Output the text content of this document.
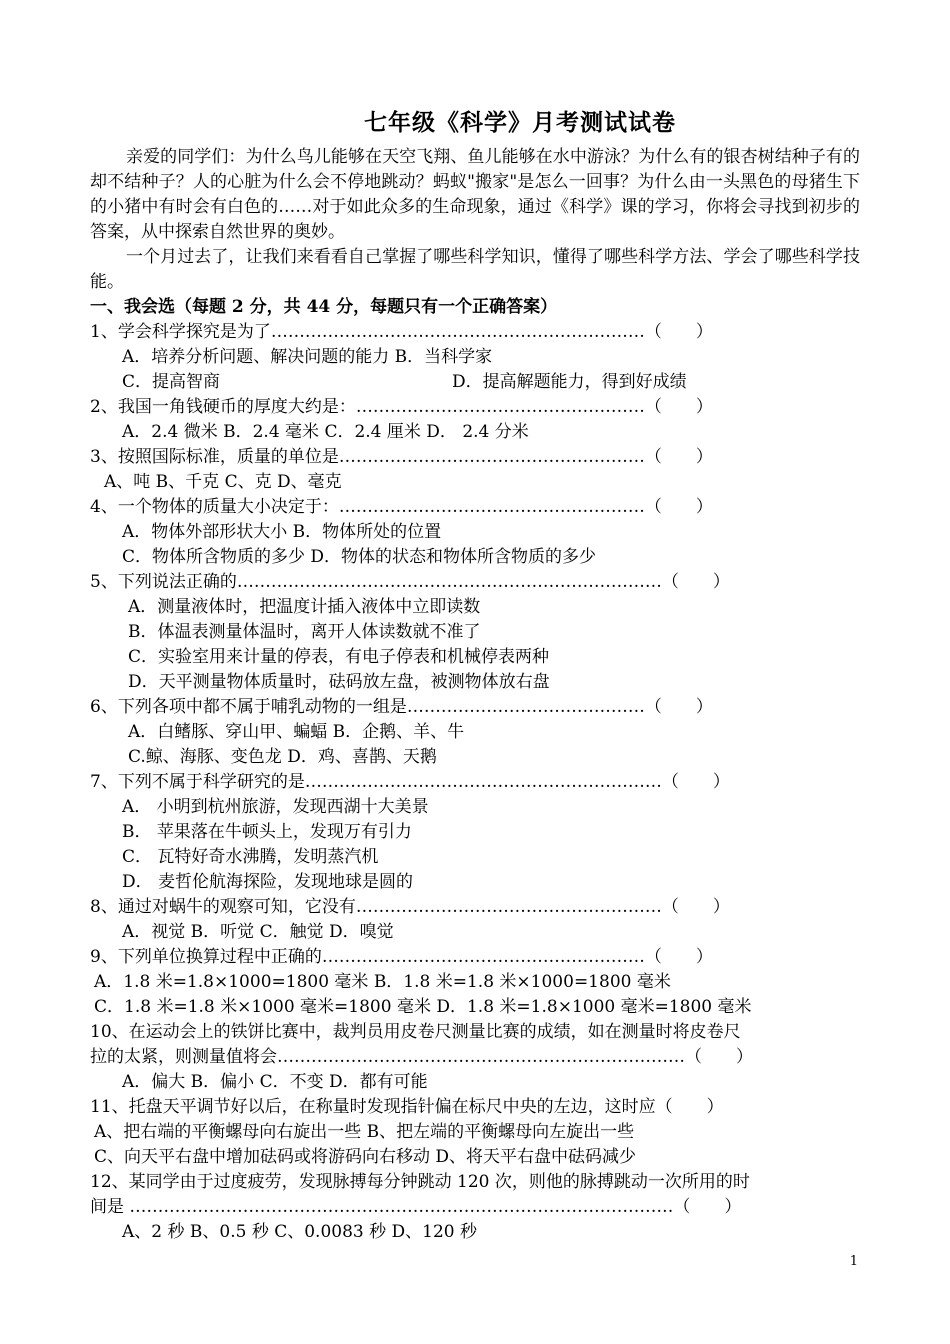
七年级《科学》月考测试试卷

亲爱的同学们：为什么鸟儿能够在天空飞翔、鱼儿能够在水中游泳？为什么有的银杏树结种子有的却不结种子？人的心脏为什么会不停地跳动？蚂蚁"搬家"是怎么一回事？为什么由一头黑色的母猪生下的小猪中有时会有白色的……对于如此众多的生命现象，通过《科学》课的学习，你将会寻找到初步的答案，从中探索自然世界的奥妙。

一个月过去了，让我们来看看自己掌握了哪些科学知识，懂得了哪些科学方法、学会了哪些科学技能。

一、我会选（每题 2 分，共 44 分，每题只有一个正确答案）

1、学会科学探究是为了…………………………………………………………（　　）

A．培养分析问题、解决问题的能力 B．当科学家

C．提高智商	D．提高解题能力，得到好成绩

2、我国一角钱硬币的厚度大约是：……………………………………………（　　）

A．2.4 微米 B．2.4 毫米 C．2.4 厘米 D． 2.4 分米

3、按照国际标准，质量的单位是………………………………………………（　　）

A、吨 B、千克 C、克 D、毫克

4、一个物体的质量大小决定于：………………………………………………（　　）

A．物体外部形状大小 B．物体所处的位置

C．物体所含物质的多少 D．物体的状态和物体所含物质的多少

5、下列说法正确的…………………………………………………………………（　　）

A．测量液体时，把温度计插入液体中立即读数

B．体温表测量体温时，离开人体读数就不准了

C．实验室用来计量的停表，有电子停表和机械停表两种

D．天平测量物体质量时，砝码放左盘，被测物体放右盘

6、下列各项中都不属于哺乳动物的一组是……………………………………（　　）

A．白鳍豚、穿山甲、蝙蝠 B．企鹅、羊、牛

C.鲸、海豚、变色龙 D．鸡、喜鹊、天鹅

7、下列不属于科学研究的是………………………………………………………（　　）

A． 小明到杭州旅游，发现西湖十大美景

B． 苹果落在牛顿头上，发现万有引力

C． 瓦特好奇水沸腾，发明蒸汽机

D． 麦哲伦航海探险，发现地球是圆的

8、通过对蜗牛的观察可知，它没有………………………………………………（　　）

A．视觉 B．听觉 C．触觉 D．嗅觉

9、下列单位换算过程中正确的…………………………………………………（　　）

A．1.8 米=1.8×1000=1800 毫米 B．1.8 米=1.8 米×1000=1800 毫米

C．1.8 米=1.8 米×1000 毫米=1800 毫米 D．1.8 米=1.8×1000 毫米=1800 毫米

10、在运动会上的铁饼比赛中，裁判员用皮卷尺测量比赛的成绩，如在测量时将皮卷尺

拉的太紧，则测量值将会………………………………………………………………（　　）

A．偏大 B．偏小 C．不变 D．都有可能

11、托盘天平调节好以后，在称量时发现指针偏在标尺中央的左边，这时应（　　）

A、把右端的平衡螺母向右旋出一些 B、把左端的平衡螺母向左旋出一些

C、向天平右盘中增加砝码或将游码向右移动 D、将天平右盘中砝码减少

12、某同学由于过度疲劳，发现脉搏每分钟跳动 120 次，则他的脉搏跳动一次所用的时

间是 ……………………………………………………………………………………（　　）

A、2 秒 B、0.5 秒 C、0.0083 秒 D、120 秒

1
